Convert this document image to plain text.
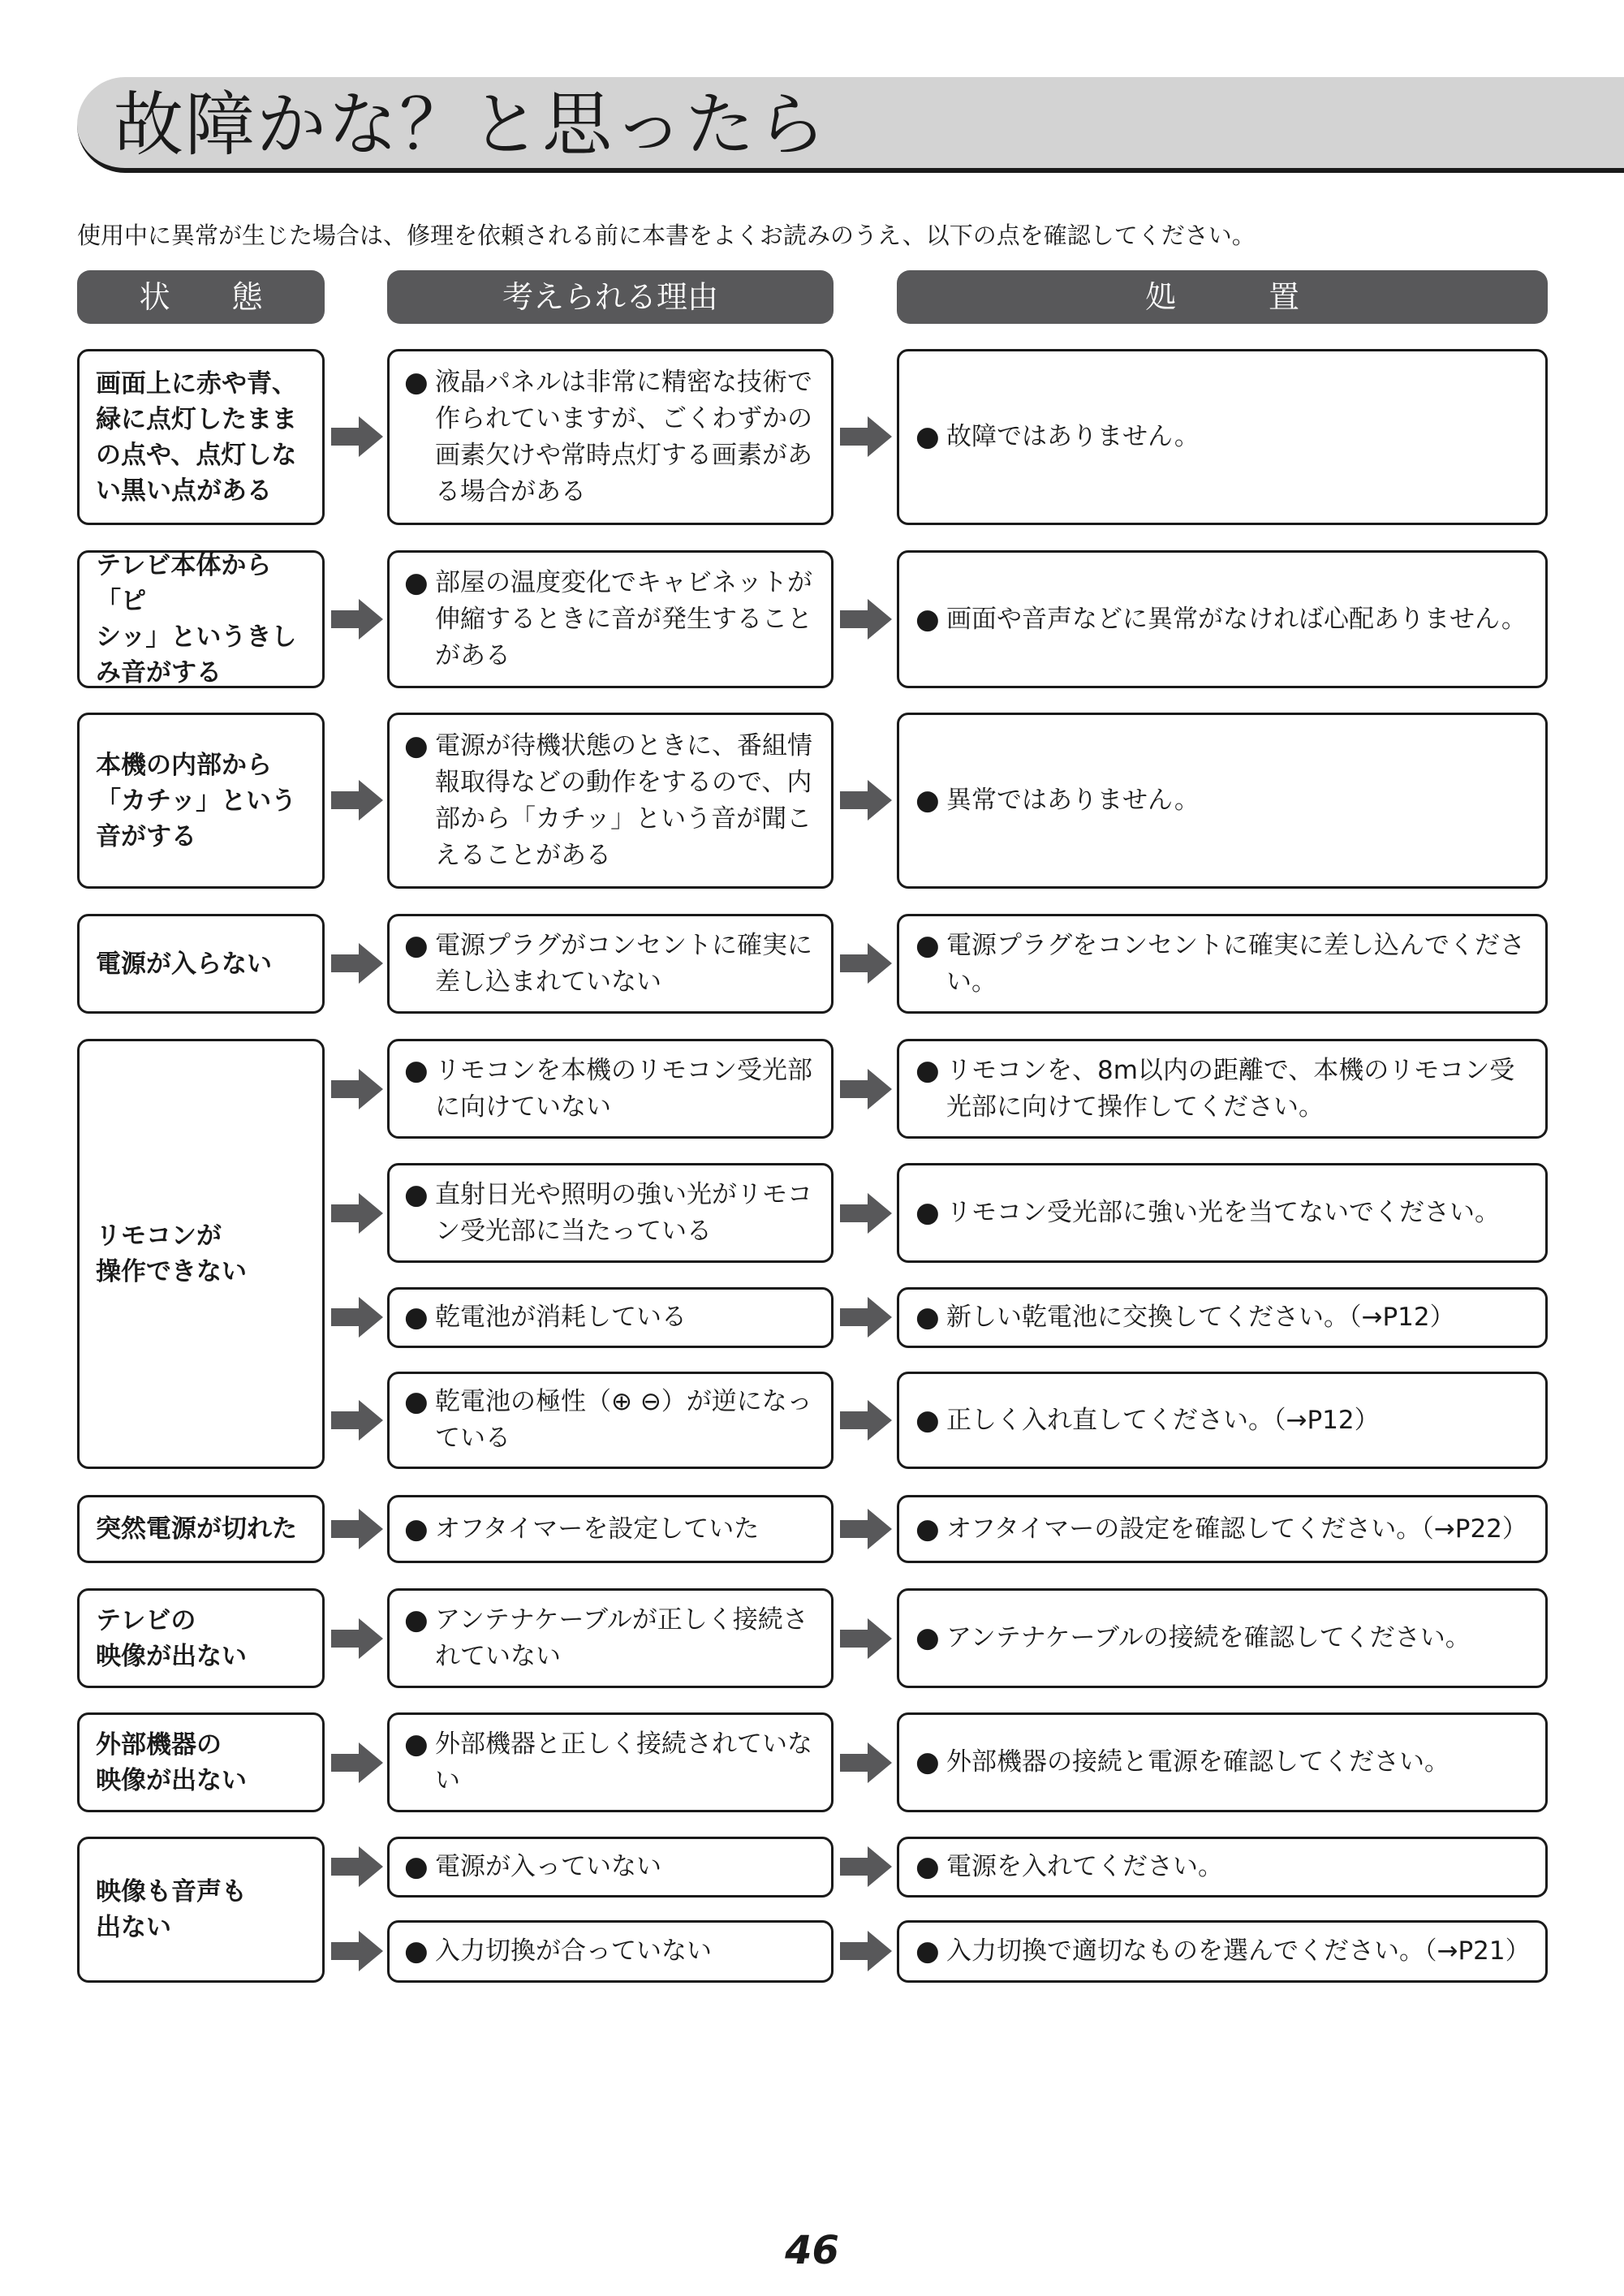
故障かな？と思ったら
使用中に異常が生じた場合は、修理を依頼される前に本書をよくお読みのうえ、以下の点を確認してください。
状　　態	考えられる理由	処　　　置
画面上に赤や青、
緑に点灯したまま
の点や、点灯しな
い黒い点がある
テレビ本体から「ピ
シッ」というきし
み音がする
本機の内部から
「カチッ」という
音がする
電源が入らない
リモコンが
操作できない
突然電源が切れた
テレビの
映像が出ない
外部機器の
映像が出ない
映像も音声も
出ない
● 液晶パネルは非常に精密な技術で作られていますが、ごくわずかの画素欠けや常時点灯する画素がある場合がある
● 部屋の温度変化でキャビネットが伸縮するときに音が発生することがある
● 電源が待機状態のときに、番組情報取得などの動作をするので、内部から「カチッ」という音が聞こえることがある
● 電源プラグがコンセントに確実に差し込まれていない
● リモコンを本機のリモコン受光部に向けていない
● 直射日光や照明の強い光がリモコン受光部に当たっている
● 乾電池が消耗している
● 乾電池の極性（⊕ ⊖）が逆になっている
● オフタイマーを設定していた
● アンテナケーブルが正しく接続されていない
● 外部機器と正しく接続されていない
● 電源が入っていない
● 入力切換が合っていない
● 故障ではありません。
● 画面や音声などに異常がなければ心配ありません。
● 異常ではありません。
● 電源プラグをコンセントに確実に差し込んでください。
● リモコンを、8m以内の距離で、本機のリモコン受光部に向けて操作してください。
● リモコン受光部に強い光を当てないでください。
● 新しい乾電池に交換してください。（→P12）
● 正しく入れ直してください。（→P12）
● オフタイマーの設定を確認してください。（→P22）
● アンテナケーブルの接続を確認してください。
● 外部機器の接続と電源を確認してください。
● 電源を入れてください。
● 入力切換で適切なものを選んでください。（→P21）
46
